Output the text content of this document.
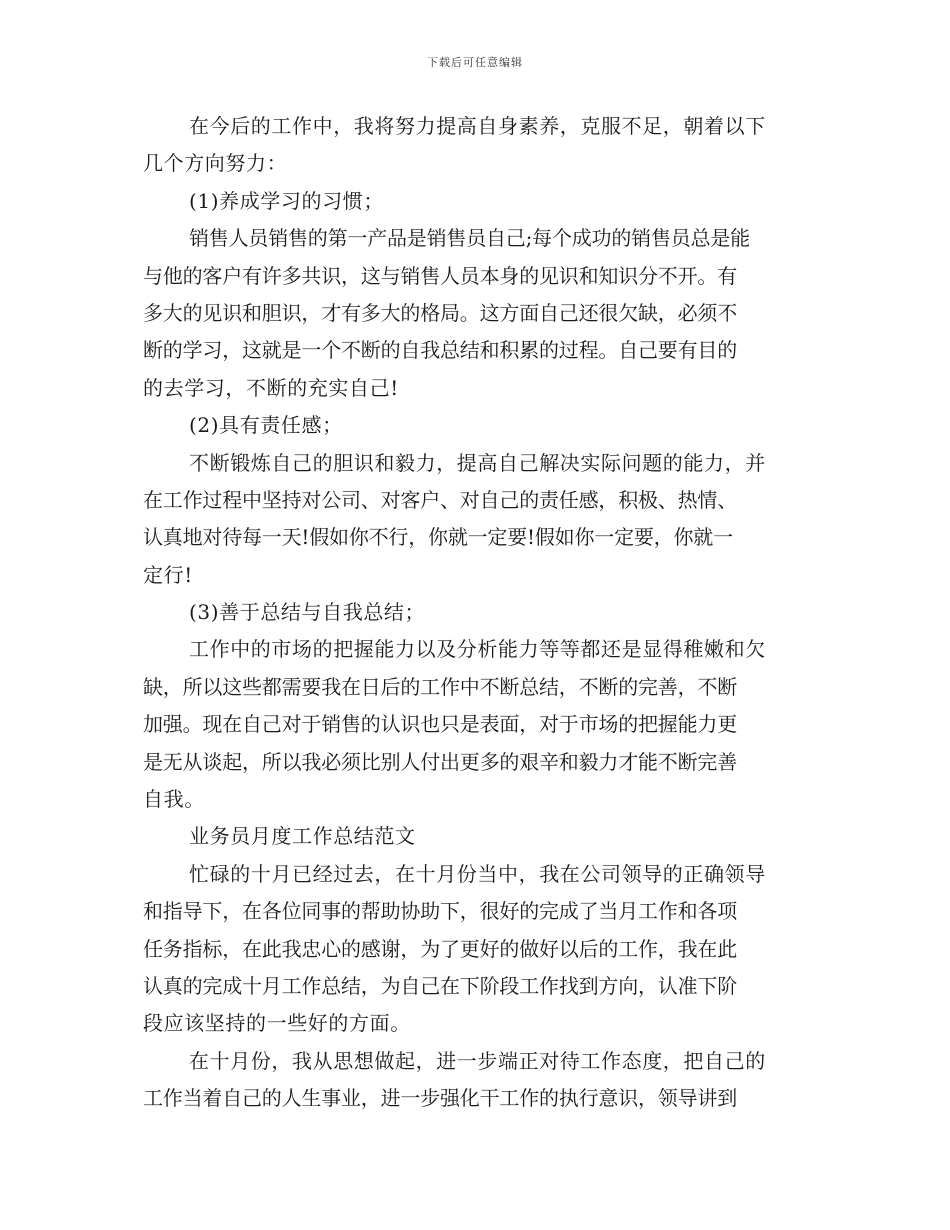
下载后可任意编辑
在今后的工作中，我将努力提高自身素养，克服不足，朝着以下
几个方向努力：
(1)养成学习的习惯；
销售人员销售的第一产品是销售员自己;每个成功的销售员总是能
与他的客户有许多共识，这与销售人员本身的见识和知识分不开。有
多大的见识和胆识，才有多大的格局。这方面自己还很欠缺，必须不
断的学习，这就是一个不断的自我总结和积累的过程。自己要有目的
的去学习，不断的充实自己!
(2)具有责任感；
不断锻炼自己的胆识和毅力，提高自己解决实际问题的能力，并
在工作过程中坚持对公司、对客户、对自己的责任感，积极、热情、
认真地对待每一天!假如你不行，你就一定要!假如你一定要，你就一
定行!
(3)善于总结与自我总结；
工作中的市场的把握能力以及分析能力等等都还是显得稚嫩和欠
缺，所以这些都需要我在日后的工作中不断总结，不断的完善，不断
加强。现在自己对于销售的认识也只是表面，对于市场的把握能力更
是无从谈起，所以我必须比别人付出更多的艰辛和毅力才能不断完善
自我。
业务员月度工作总结范文
忙碌的十月已经过去，在十月份当中，我在公司领导的正确领导
和指导下，在各位同事的帮助协助下，很好的完成了当月工作和各项
任务指标，在此我忠心的感谢，为了更好的做好以后的工作，我在此
认真的完成十月工作总结，为自己在下阶段工作找到方向，认准下阶
段应该坚持的一些好的方面。
在十月份，我从思想做起，进一步端正对待工作态度，把自己的
工作当着自己的人生事业，进一步强化干工作的执行意识，领导讲到
